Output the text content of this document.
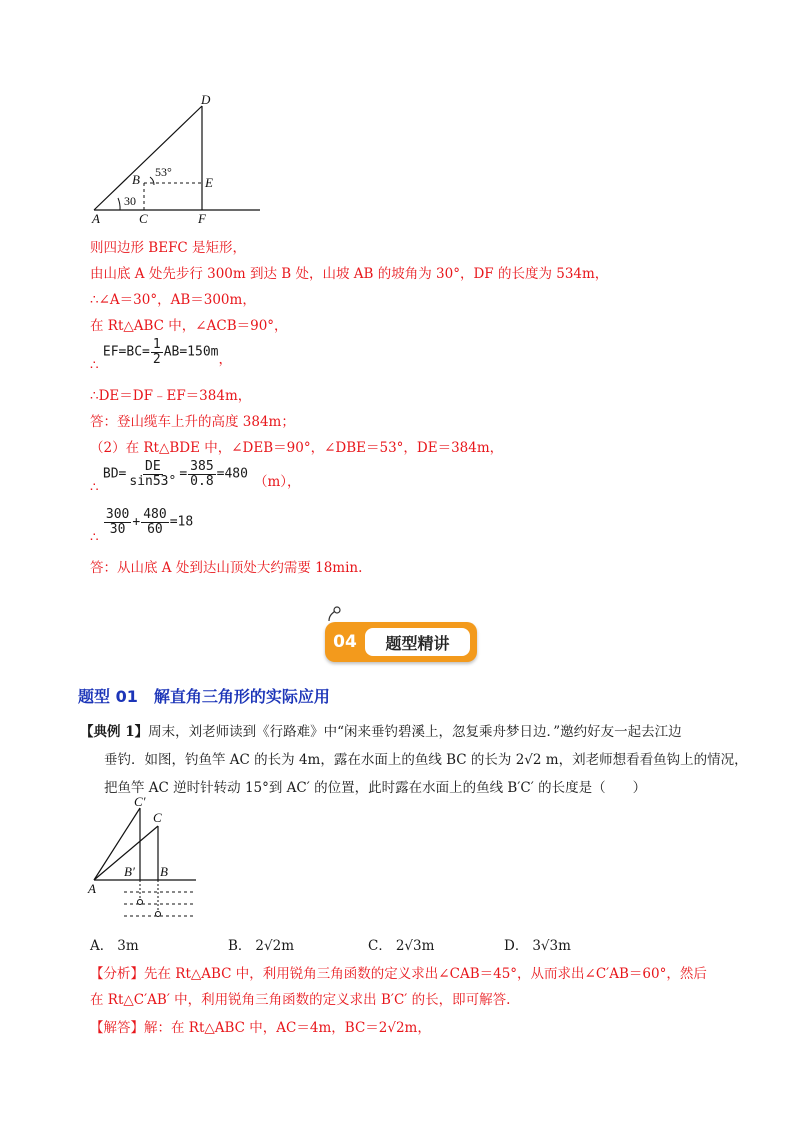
D
B	E
A	C	F
53°
30
则四边形 BEFC 是矩形，
由山底 A 处先步行 300m 到达 B 处，山坡 AB 的坡角为 30°，DF 的长度为 534m，
∴∠A＝30°，AB＝300m，
在 Rt△ABC 中，∠ACB＝90°，
∴ $EF=BC= \frac{1}{2} AB=150m$，
∴DE＝DF﹣EF＝384m，
答：登山缆车上升的高度 384m；
（2）在 Rt△BDE 中，∠DEB＝90°，∠DBE＝53°，DE＝384m，
∴ $BD= \frac{DE}{\sin 53^\circ} = \frac{385}{0.8} =480$ （m），
∴
$\frac{300}{30} + \frac{480}{60} =18$
答：从山底 A 处到达山顶处大约需要 18min.
04	题型精讲
题型 01　解直角三角形的实际应用
【典例 1】周末，刘老师读到《行路难》中“闲来垂钓碧溪上，忽复乘舟梦日边．”邀约好友一起去江边
垂钓．如图，钓鱼竿 AC 的长为 4m，露在水面上的鱼线 BC 的长为 2√2 m，刘老师想看看鱼钩上的情况，
把鱼竿 AC 逆时针转动 15°到 AC′ 的位置，此时露在水面上的鱼线 B′C′ 的长度是（　　）
C′
C
A
B′ B
A． 3m	B． 2√2m	C． 2√3m	D． 3√3m
【分析】先在 Rt△ABC 中，利用锐角三角函数的定义求出∠CAB＝45°，从而求出∠C′AB＝60°，然后
在 Rt△C′AB′ 中，利用锐角三角函数的定义求出 B′C′ 的长，即可解答.
【解答】解：在 Rt△ABC 中，AC＝4m，BC＝2√2m，
